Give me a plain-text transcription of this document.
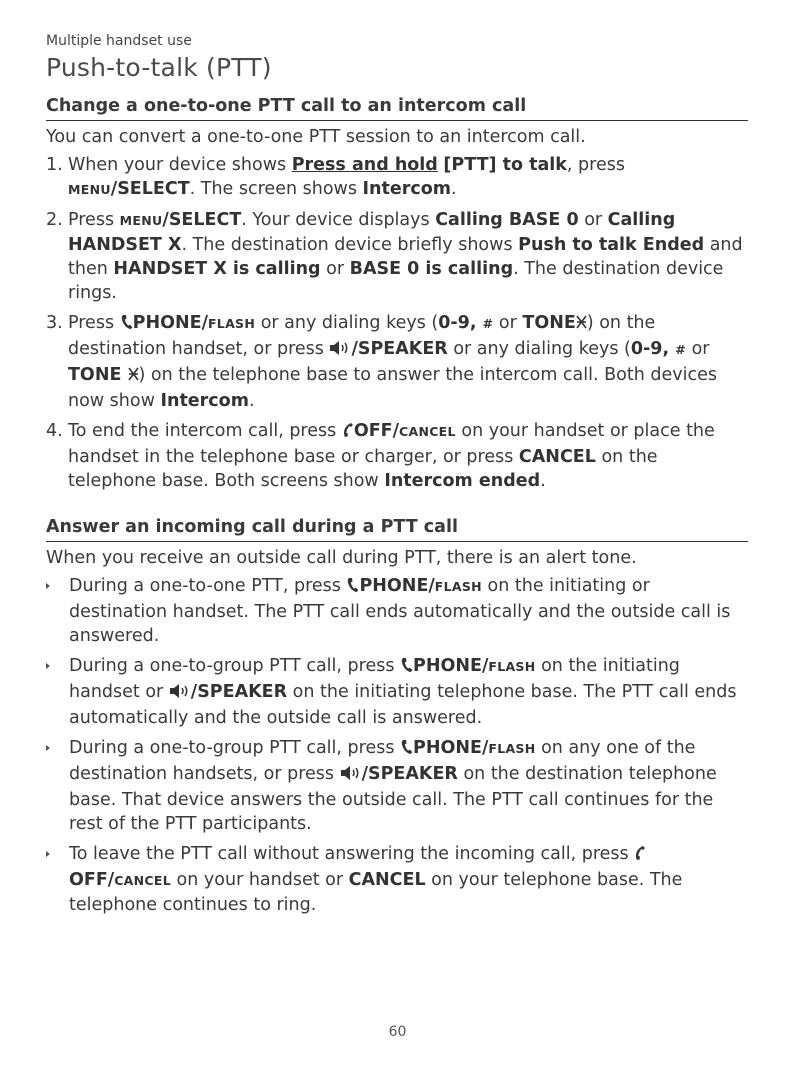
Multiple handset use

Push-to-talk (PTT)
Change a one-to-one PTT call to an intercom call

You can convert a one-to-one PTT session to an intercom call.

1. When your device shows Press and hold [PTT] to talk, press MENU/SELECT. The screen shows Intercom.
2. Press MENU/SELECT. Your device displays Calling BASE 0 or Calling HANDSET X. The destination device briefly shows Push to talk Ended and then HANDSET X is calling or BASE 0 is calling. The destination device rings.
3. Press PHONE/FLASH or any dialing keys (0-9, # or TONE ) on the destination handset, or press /SPEAKER or any dialing keys (0-9, # or TONE ) on the telephone base to answer the intercom call. Both devices now show Intercom.
4. To end the intercom call, press OFF/CANCEL on your handset or place the handset in the telephone base or charger, or press CANCEL on the telephone base. Both screens show Intercom ended.
Answer an incoming call during a PTT call

When you receive an outside call during PTT, there is an alert tone.

During a one-to-one PTT, press PHONE/FLASH on the initiating or destination handset. The PTT call ends automatically and the outside call is answered.
During a one-to-group PTT call, press PHONE/FLASH on the initiating handset or /SPEAKER on the initiating telephone base. The PTT call ends automatically and the outside call is answered.
During a one-to-group PTT call, press PHONE/FLASH on any one of the destination handsets, or press /SPEAKER on the destination telephone base. That device answers the outside call. The PTT call continues for the rest of the PTT participants.
To leave the PTT call without answering the incoming call, press OFF/CANCEL on your handset or CANCEL on your telephone base. The telephone continues to ring.
60
